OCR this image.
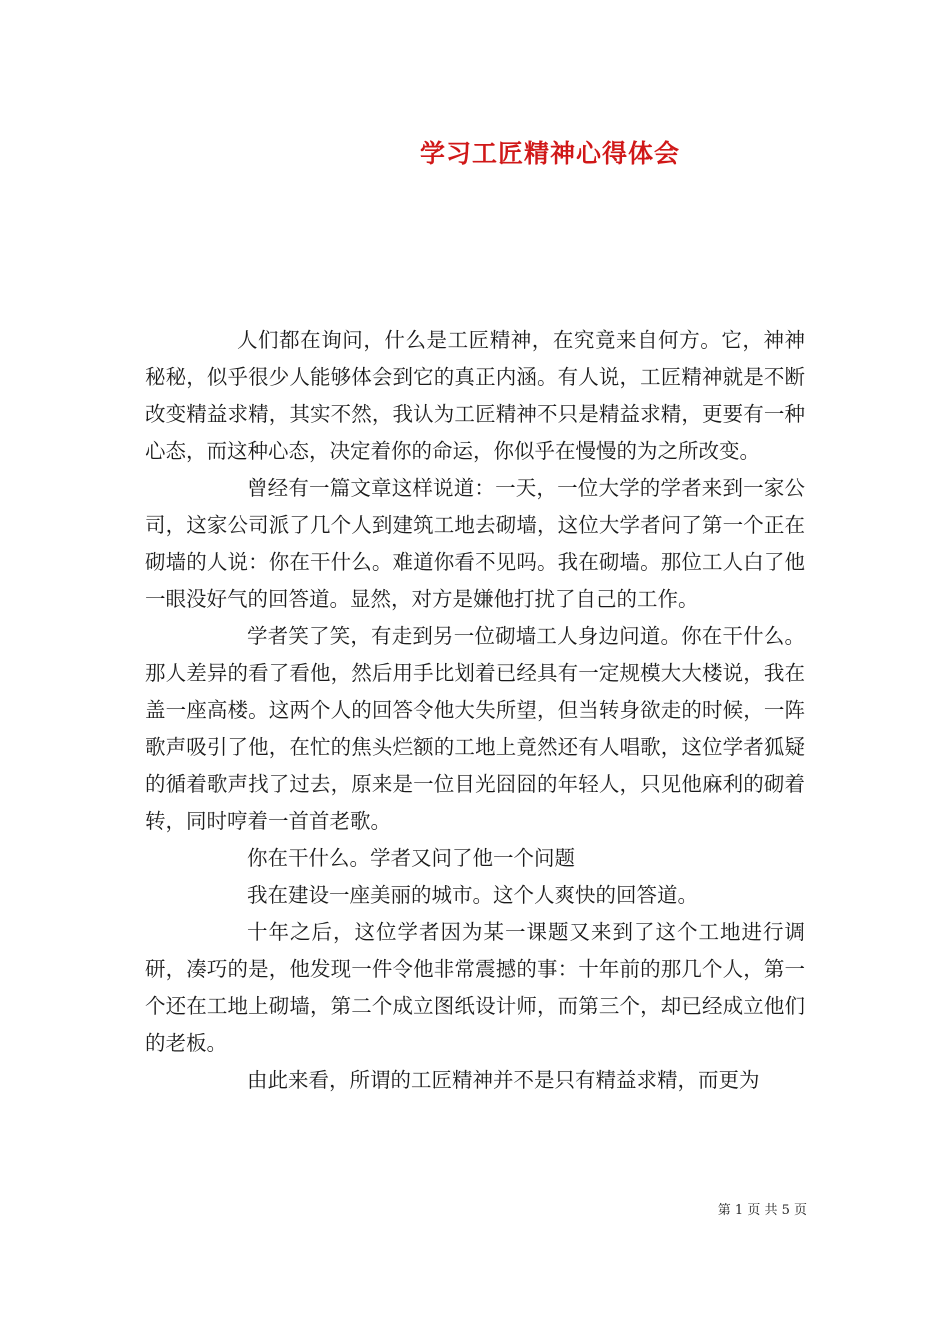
学习工匠精神心得体会

人们都在询问，什么是工匠精神，在究竟来自何方。它，神神秘秘，似乎很少人能够体会到它的真正内涵。有人说，工匠精神就是不断改变精益求精，其实不然，我认为工匠精神不只是精益求精，更要有一种心态，而这种心态，决定着你的命运，你似乎在慢慢的为之所改变。

曾经有一篇文章这样说道：一天，一位大学的学者来到一家公司，这家公司派了几个人到建筑工地去砌墙，这位大学者问了第一个正在砌墙的人说：你在干什么。难道你看不见吗。我在砌墙。那位工人白了他一眼没好气的回答道。显然，对方是嫌他打扰了自己的工作。

学者笑了笑，有走到另一位砌墙工人身边问道。你在干什么。那人差异的看了看他，然后用手比划着已经具有一定规模大大楼说，我在盖一座高楼。这两个人的回答令他大失所望，但当转身欲走的时候，一阵歌声吸引了他，在忙的焦头烂额的工地上竟然还有人唱歌，这位学者狐疑的循着歌声找了过去，原来是一位目光囧囧的年轻人，只见他麻利的砌着转，同时哼着一首首老歌。

你在干什么。学者又问了他一个问题

我在建设一座美丽的城市。这个人爽快的回答道。

十年之后，这位学者因为某一课题又来到了这个工地进行调研，凑巧的是，他发现一件令他非常震撼的事：十年前的那几个人，第一个还在工地上砌墙，第二个成立图纸设计师，而第三个，却已经成立他们的老板。

由此来看，所谓的工匠精神并不是只有精益求精，而更为

第 1 页 共 5 页
